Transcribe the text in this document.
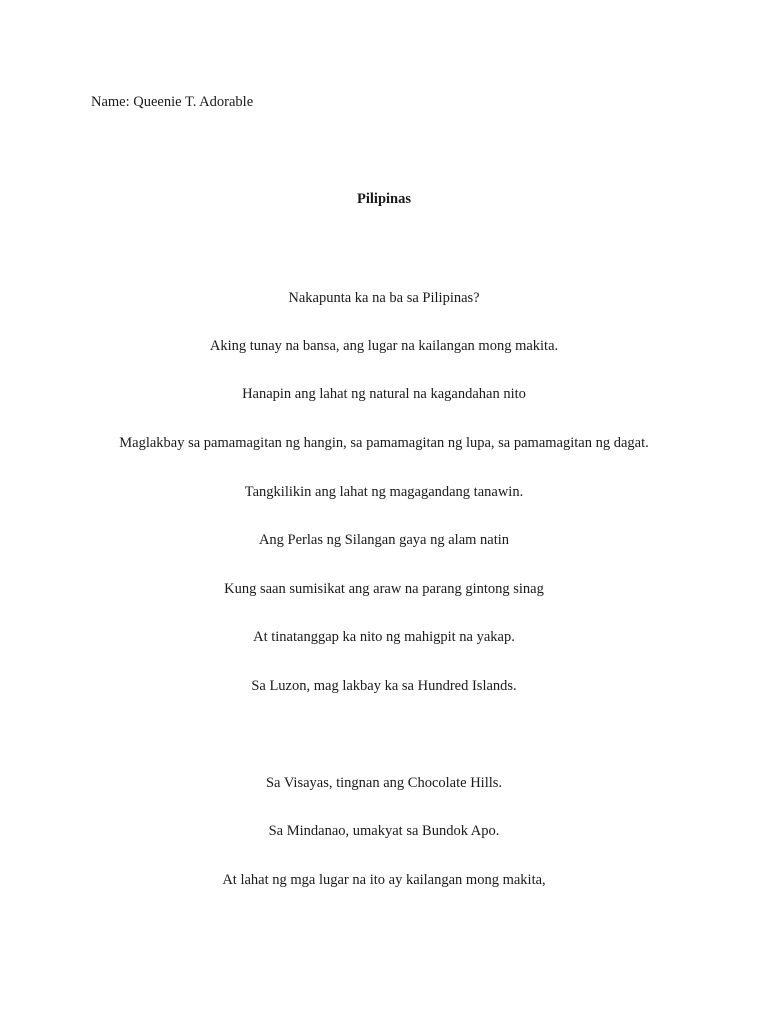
Name: Queenie T. Adorable
Pilipinas
Nakapunta ka na ba sa Pilipinas?
Aking tunay na bansa, ang lugar na kailangan mong makita.
Hanapin ang lahat ng natural na kagandahan nito
Maglakbay sa pamamagitan ng hangin, sa pamamagitan ng lupa, sa pamamagitan ng dagat.
Tangkilikin ang lahat ng magagandang tanawin.
Ang Perlas ng Silangan gaya ng alam natin
Kung saan sumisikat ang araw na parang gintong sinag
At tinatanggap ka nito ng mahigpit na yakap.
Sa Luzon, mag lakbay ka sa Hundred Islands.
Sa Visayas, tingnan ang Chocolate Hills.
Sa Mindanao, umakyat sa Bundok Apo.
At lahat ng mga lugar na ito ay kailangan mong makita,
